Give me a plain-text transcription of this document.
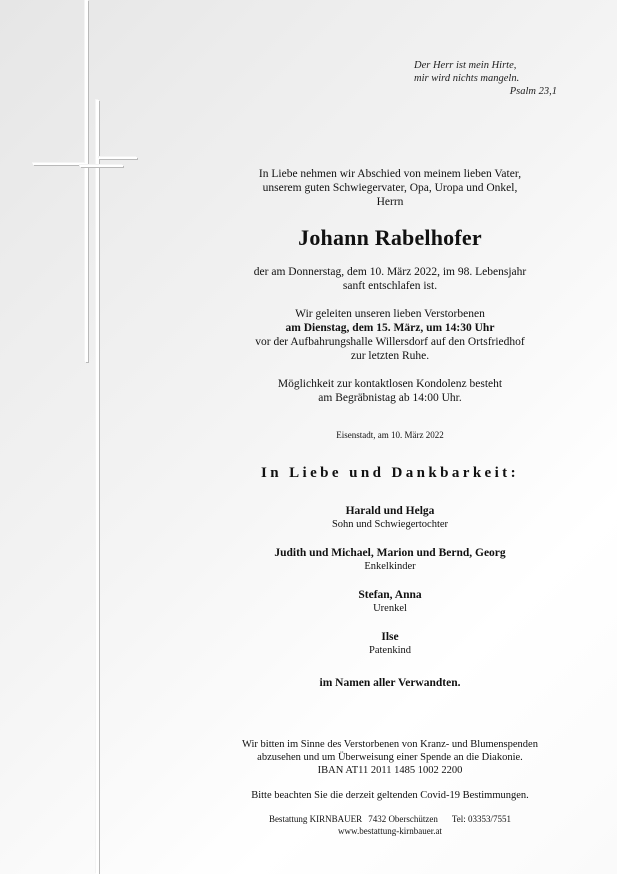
Der Herr ist mein Hirte,
mir wird nichts mangeln.

Psalm 23,1

In Liebe nehmen wir Abschied von meinem lieben Vater,
unserem guten Schwiegervater, Opa, Uropa und Onkel,
Herrn

Johann Rabelhofer

der am Donnerstag, dem 10. März 2022, im 98. Lebensjahr
sanft entschlafen ist.

Wir geleiten unseren lieben Verstorbenen
am Dienstag, dem 15. März, um 14:30 Uhr
vor der Aufbahrungshalle Willersdorf auf den Ortsfriedhof
zur letzten Ruhe.

Möglichkeit zur kontaktlosen Kondolenz besteht
am Begräbnistag ab 14:00 Uhr.

Eisenstadt, am 10. März 2022
In Liebe und Dankbarkeit:
Harald und Helga
Sohn und Schwiegertochter
Judith und Michael, Marion und Bernd, Georg
Enkelkinder
Stefan, Anna
Urenkel
Ilse
Patenkind
im Namen aller Verwandten.

Wir bitten im Sinne des Verstorbenen von Kranz- und Blumenspenden
abzusehen und um Überweisung einer Spende an die Diakonie.
IBAN AT11 2011 1485 1002 2200

Bitte beachten Sie die derzeit geltenden Covid-19 Bestimmungen.
Bestattung KIRNBAUER 7432 Oberschützen Tel: 03353/7551
www.bestattung-kirnbauer.at
